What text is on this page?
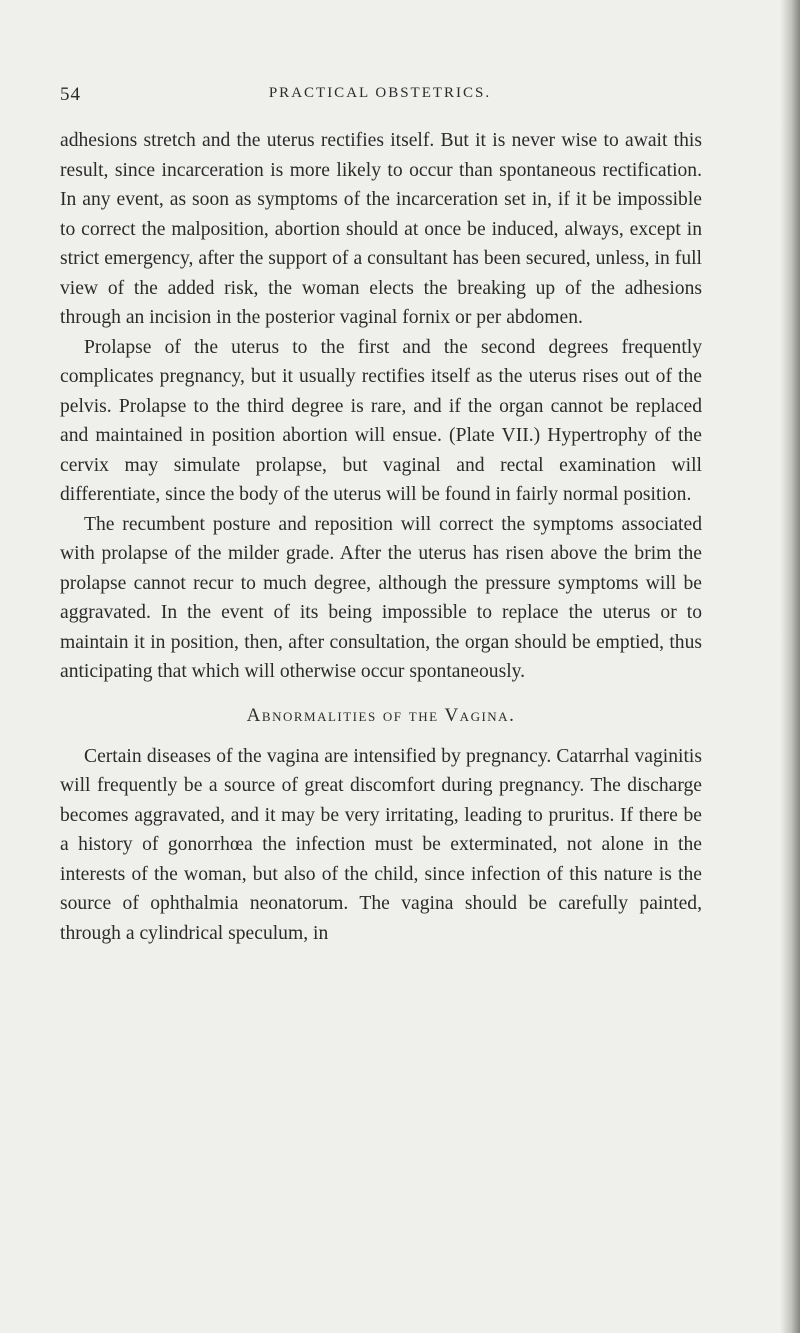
54	PRACTICAL OBSTETRICS.

adhesions stretch and the uterus rectifies itself. But it is never wise to await this result, since incarceration is more likely to occur than spontaneous rectification. In any event, as soon as symptoms of the incarceration set in, if it be impossible to correct the malposition, abortion should at once be induced, always, except in strict emergency, after the support of a consultant has been secured, unless, in full view of the added risk, the woman elects the breaking up of the adhesions through an incision in the posterior vaginal fornix or per abdomen.

Prolapse of the uterus to the first and the second degrees frequently complicates pregnancy, but it usually rectifies itself as the uterus rises out of the pelvis. Prolapse to the third degree is rare, and if the organ cannot be replaced and maintained in position abortion will ensue. (Plate VII.) Hypertrophy of the cervix may simulate prolapse, but vaginal and rectal examination will differentiate, since the body of the uterus will be found in fairly normal position.

The recumbent posture and reposition will correct the symptoms associated with prolapse of the milder grade. After the uterus has risen above the brim the prolapse cannot recur to much degree, although the pressure symptoms will be aggravated. In the event of its being impossible to replace the uterus or to maintain it in position, then, after consultation, the organ should be emptied, thus anticipating that which will otherwise occur spontaneously.

Abnormalities of the Vagina.

Certain diseases of the vagina are intensified by pregnancy. Catarrhal vaginitis will frequently be a source of great discomfort during pregnancy. The discharge becomes aggravated, and it may be very irritating, leading to pruritus. If there be a history of gonorrhœa the infection must be exterminated, not alone in the interests of the woman, but also of the child, since infection of this nature is the source of ophthalmia neonatorum. The vagina should be carefully painted, through a cylindrical speculum, in
